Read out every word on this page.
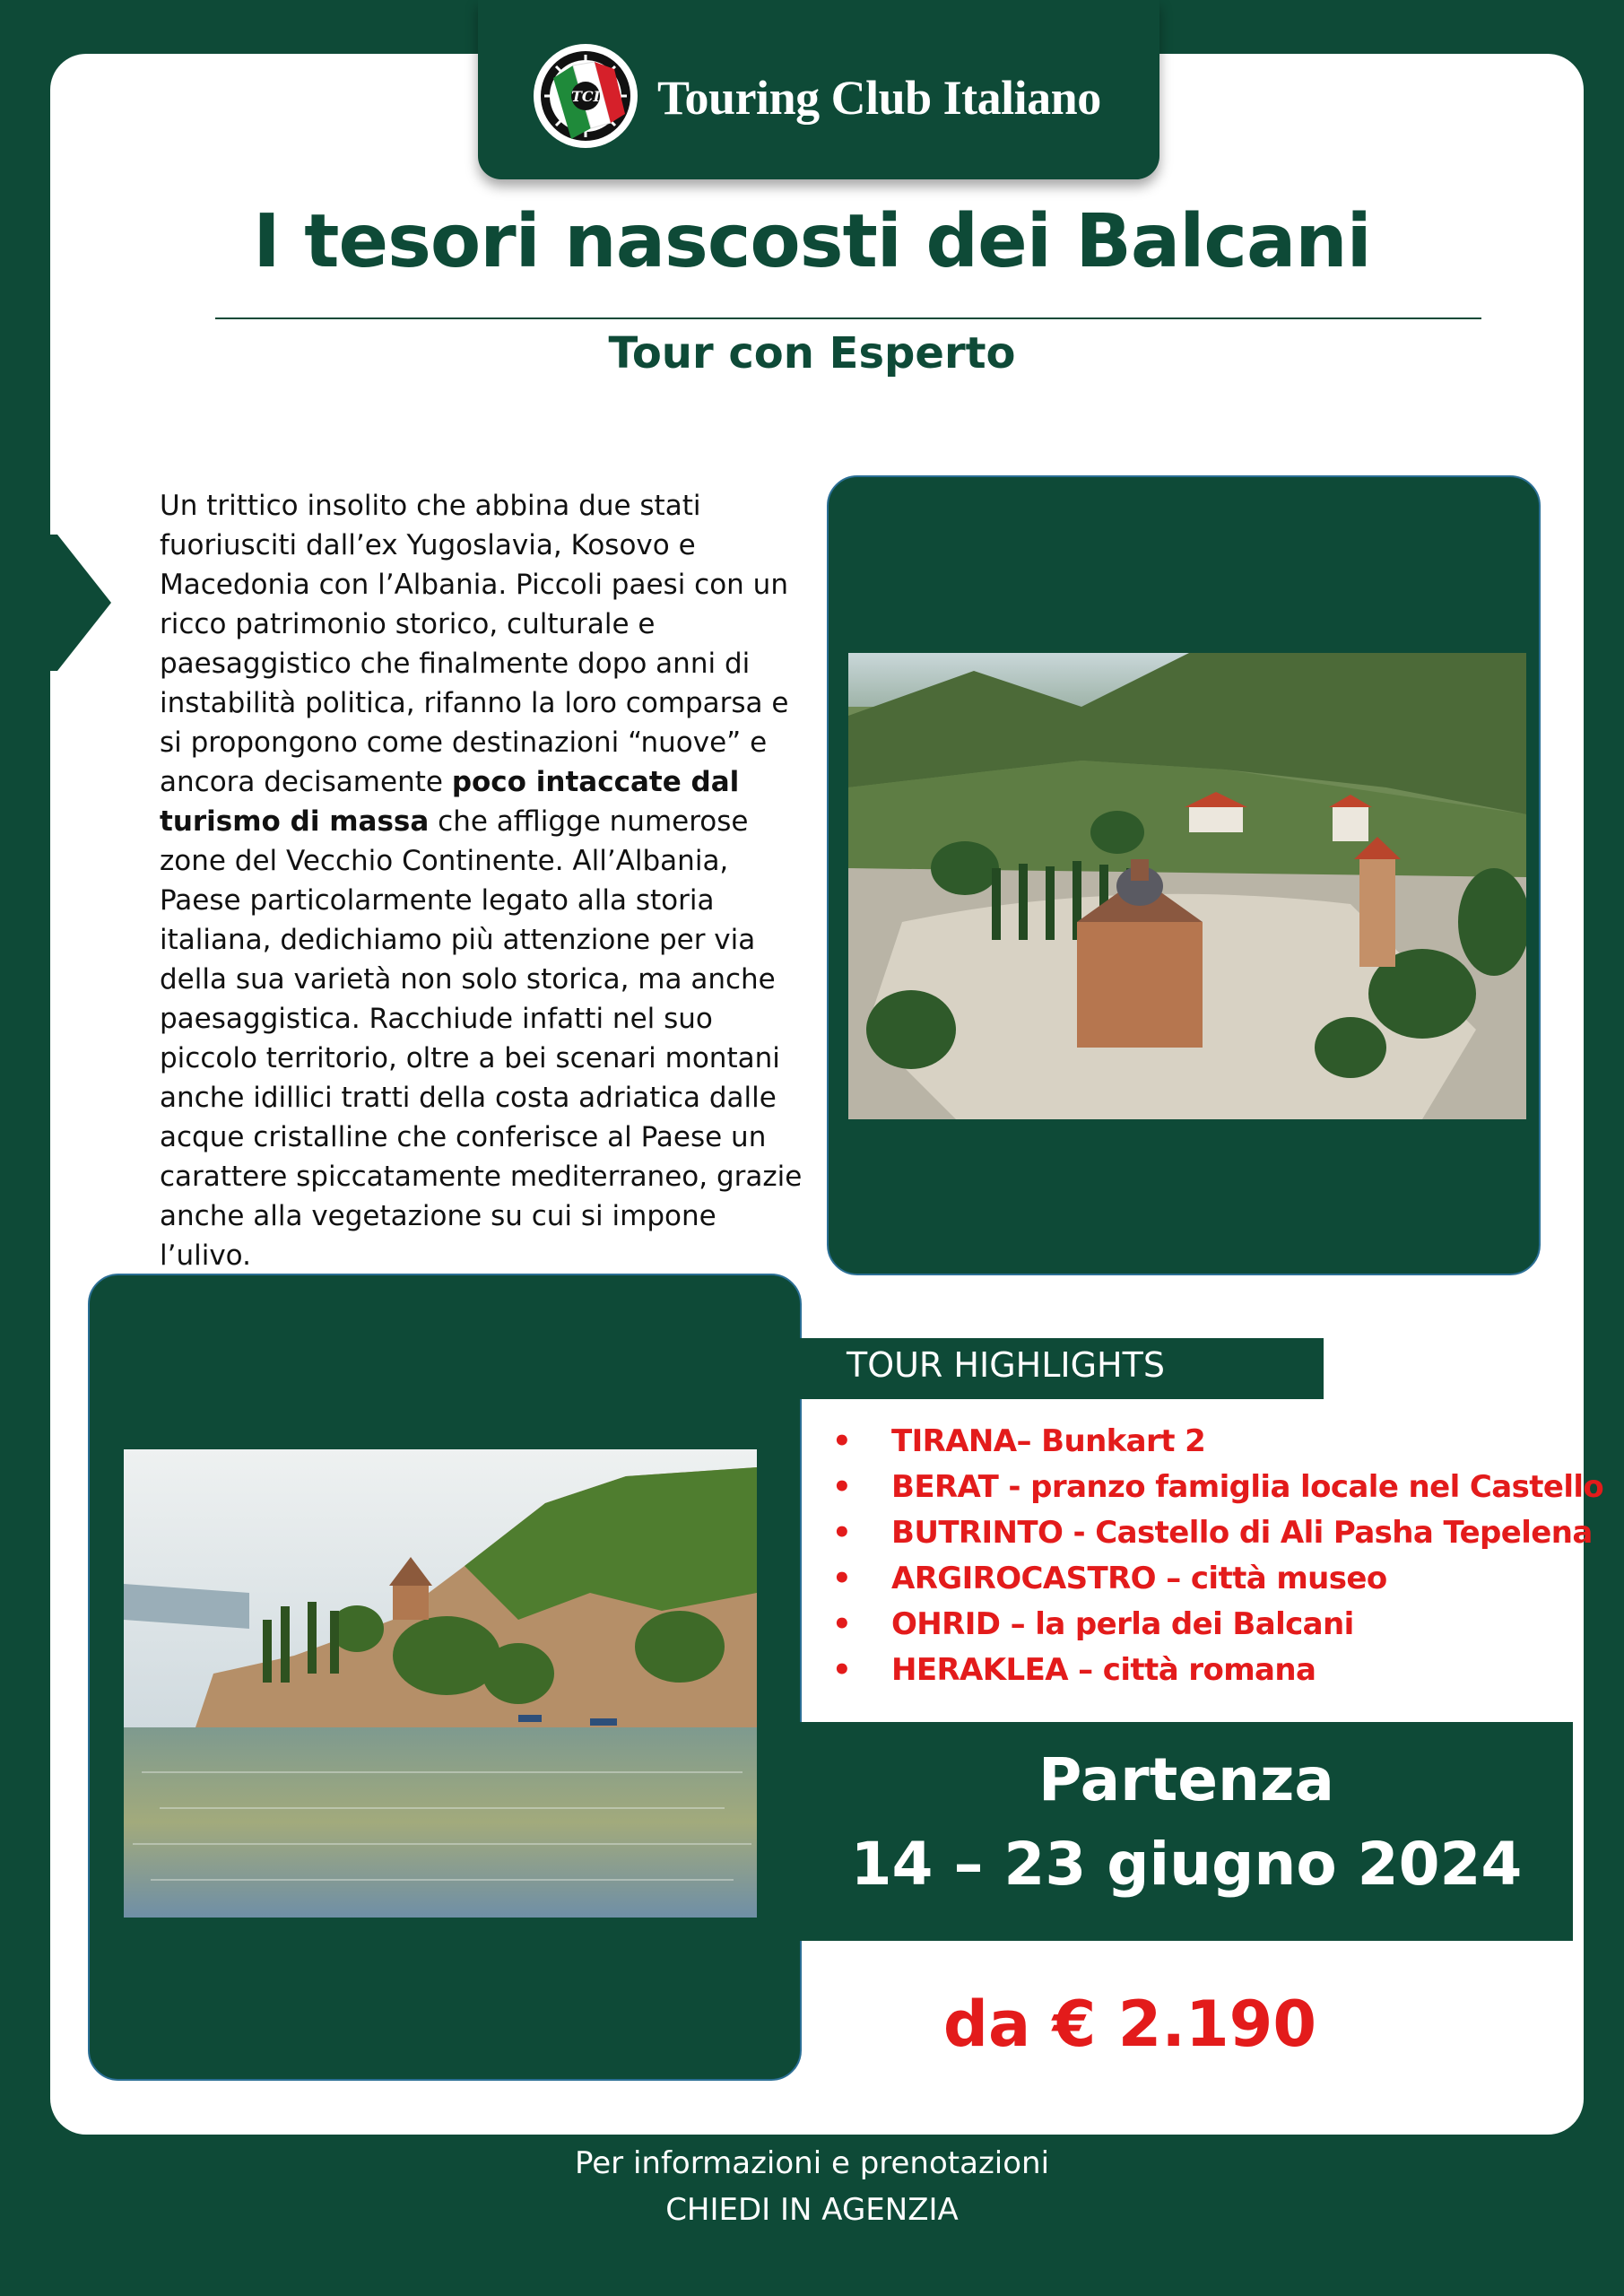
TCI Touring Club Italiano
I tesori nascosti dei Balcani
Tour con Esperto
Un trittico insolito che abbina due stati fuoriusciti dall’ex Yugoslavia, Kosovo e Macedonia con l’Albania. Piccoli paesi con un ricco patrimonio storico, culturale e paesaggistico che finalmente dopo anni di instabilità politica, rifanno la loro comparsa e si propongono come destinazioni “nuove” e ancora decisamente poco intaccate dal turismo di massa che affligge numerose zone del Vecchio Continente. All’Albania, Paese particolarmente legato alla storia italiana, dedichiamo più attenzione per via della sua varietà non solo storica, ma anche paesaggistica. Racchiude infatti nel suo piccolo territorio, oltre a bei scenari montani anche idillici tratti della costa adriatica dalle acque cristalline che conferisce al Paese un carattere spiccatamente mediterraneo, grazie anche alla vegetazione su cui si impone l’ulivo.
TOUR HIGHLIGHTS
• TIRANA– Bunkart 2
• BERAT - pranzo famiglia locale nel Castello
• BUTRINTO - Castello di Ali Pasha Tepelena
• ARGIROCASTRO – città museo
• OHRID – la perla dei Balcani
• HERAKLEA – città romana
Partenza
14 – 23 giugno 2024
da € 2.190
Per informazioni e prenotazioni
CHIEDI IN AGENZIA
